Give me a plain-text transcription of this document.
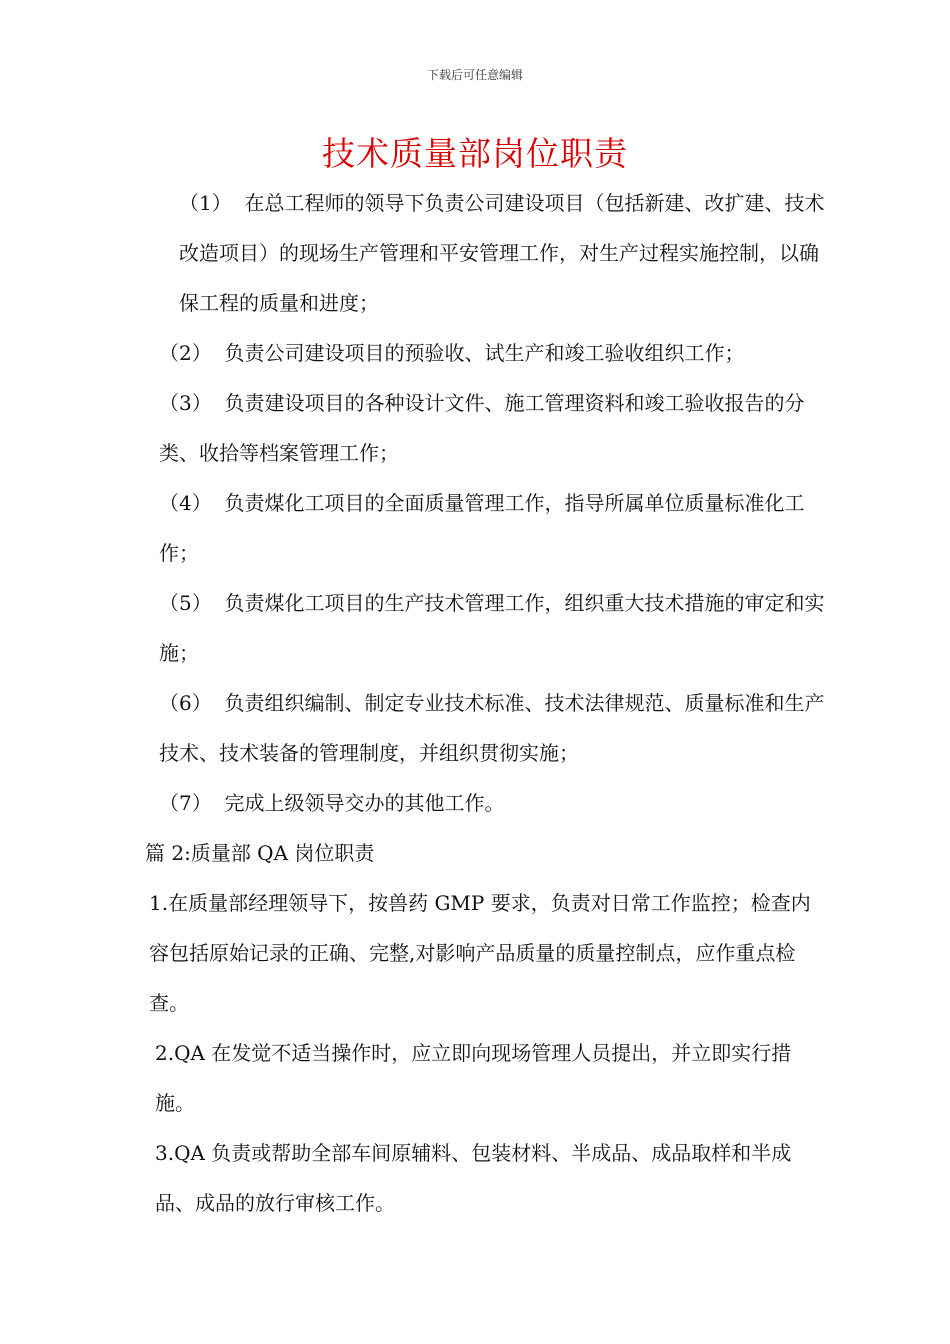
下载后可任意编辑
技术质量部岗位职责

（1） 在总工程师的领导下负责公司建设项目（包括新建、改扩建、技术改造项目）的现场生产管理和平安管理工作，对生产过程实施控制，以确保工程的质量和进度；

（2） 负责公司建设项目的预验收、试生产和竣工验收组织工作；

（3） 负责建设项目的各种设计文件、施工管理资料和竣工验收报告的分类、收拾等档案管理工作；

（4） 负责煤化工项目的全面质量管理工作，指导所属单位质量标准化工作；

（5） 负责煤化工项目的生产技术管理工作，组织重大技术措施的审定和实施；

（6） 负责组织编制、制定专业技术标准、技术法律规范、质量标准和生产技术、技术装备的管理制度，并组织贯彻实施；

（7） 完成上级领导交办的其他工作。

篇 2:质量部 QA 岗位职责

1.在质量部经理领导下，按兽药 GMP 要求，负责对日常工作监控；检查内容包括原始记录的正确、完整,对影响产品质量的质量控制点，应作重点检查。

2.QA 在发觉不适当操作时，应立即向现场管理人员提出，并立即实行措施。

3.QA 负责或帮助全部车间原辅料、包装材料、半成品、成品取样和半成品、成品的放行审核工作。
